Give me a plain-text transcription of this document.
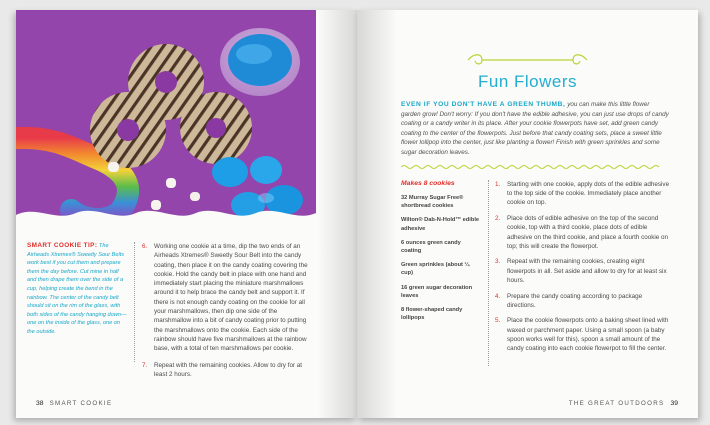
SMART COOKIE TIP: The Airheads Xtremes® Sweetly Sour Belts work best if you cut them and prepare them the day before. Cut mine in half and then drape them over the side of a cup, helping create the bend in the rainbow. The center of the candy belt should sit on the rim of the glass, with both sides of the candy hanging down—one on the inside of the glass, one on the outside.
6. Working one cookie at a time, dip the two ends of an Airheads Xtremes® Sweetly Sour Belt into the candy coating, then place it on the candy coating covering the cookie. Hold the candy belt in place with one hand and immediately start placing the miniature marshmallows around it to help brace the candy belt and support it. If there is not enough candy coating on the cookie for all your marshmallows, then dip one side of the marshmallow into a bit of candy coating prior to putting the marshmallows onto the cookie. Each side of the rainbow should have five marshmallows at the rainbow base, with a total of ten marshmallows per cookie.
7. Repeat with the remaining cookies. Allow to dry for at least 2 hours.
38 SMART COOKIE
Fun Flowers
EVEN IF YOU DON'T HAVE A GREEN THUMB, you can make this little flower garden grow! Don't worry: If you don't have the edible adhesive, you can just use drops of candy coating or a candy writer in its place. After your cookie flowerpots have set, add green candy coating to the center of the flowerpots. Just before that candy coating sets, place a sweet little flower lollipop into the center, just like planting a flower! Finish with green sprinkles and some sugar decoration leaves.
Makes 8 cookies
32 Murray Sugar Free® shortbread cookies
Wilton® Dab-N-Hold™ edible adhesive
6 ounces green candy coating
Green sprinkles (about ¼ cup)
16 green sugar decoration leaves
8 flower-shaped candy lollipops
1. Starting with one cookie, apply dots of the edible adhesive to the top side of the cookie. Immediately place another cookie on top.
2. Place dots of edible adhesive on the top of the second cookie, top with a third cookie, place dots of edible adhesive on the third cookie, and place a fourth cookie on top; this will create the flowerpot.
3. Repeat with the remaining cookies, creating eight flowerpots in all. Set aside and allow to dry for at least six hours.
4. Prepare the candy coating according to package directions.
5. Place the cookie flowerpots onto a baking sheet lined with waxed or parchment paper. Using a small spoon (a baby spoon works well for this), spoon a small amount of the candy coating into each cookie flowerpot to fill the center.
THE GREAT OUTDOORS 39
